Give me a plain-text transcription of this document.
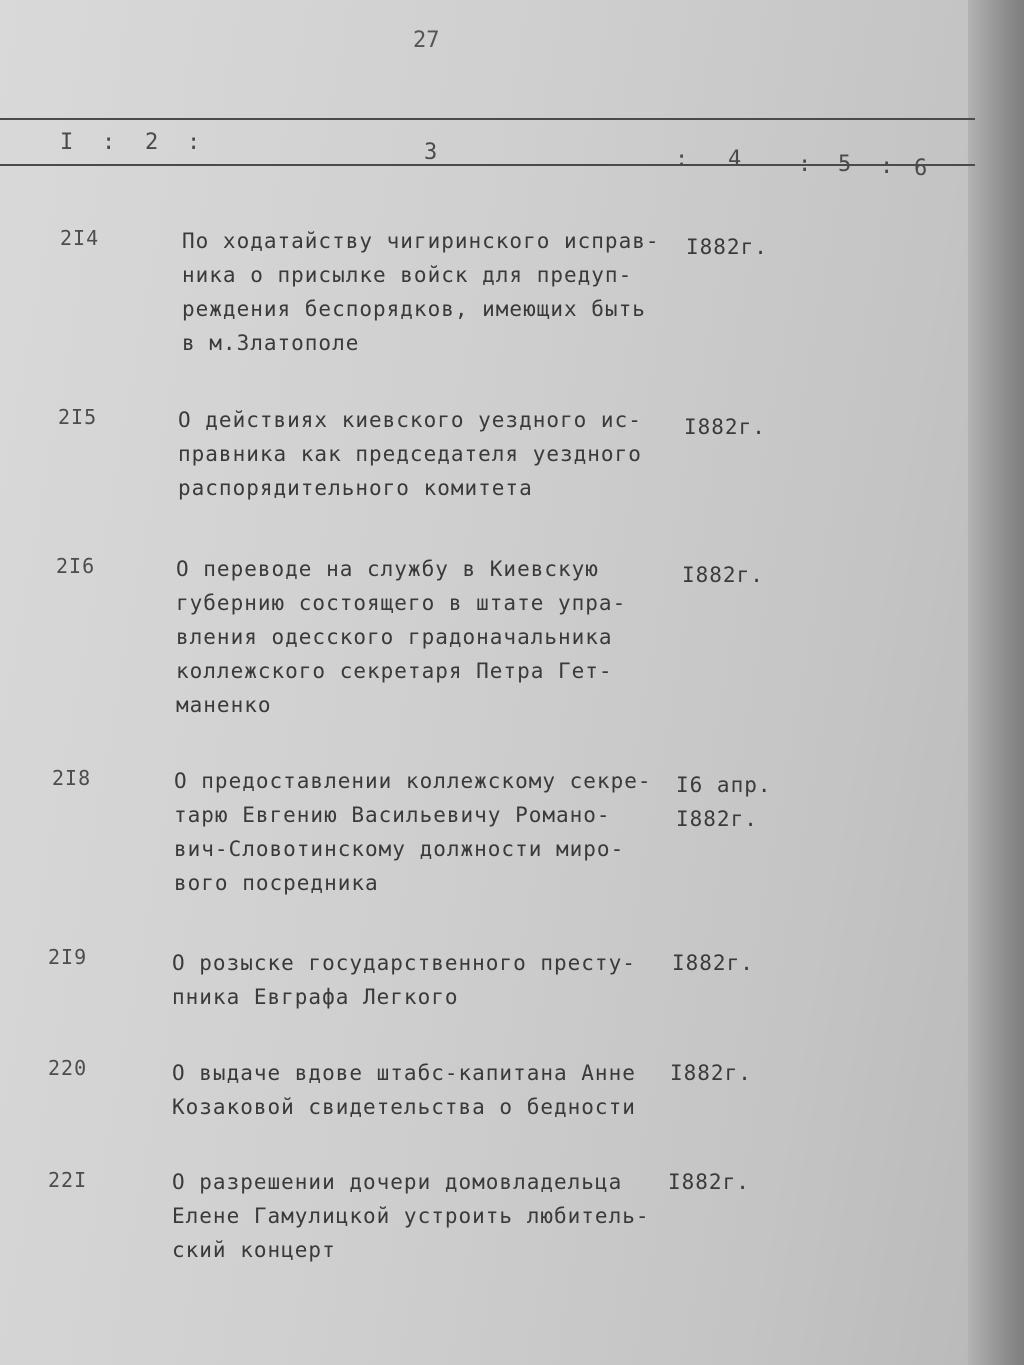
27
I : 2 :	3	: 4	: 5 : 6
2I4	По ходатайству чигиринского исправ-
ника о присылке войск для предуп-
реждения беспорядков, имеющих быть
в м.Златополе
I882г.
2I5	О действиях киевского уездного ис-
правника как председателя уездного
распорядительного комитета
I882г.
2I6	О переводе на службу в Киевскую
губернию состоящего в штате упра-
вления одесского градоначальника
коллежского секретаря Петра Гет-
маненко
I882г.
2I8	О предоставлении коллежскому секре-
тарю Евгению Васильевичу Романо-
вич-Словотинскому должности миро-
вого посредника
I6 апр.
I882г.
2I9	О розыске государственного престу-
пника Евграфа Легкого
I882г.
220	О выдаче вдове штабс-капитана Анне
Козаковой свидетельства о бедности
I882г.
22I	О разрешении дочери домовладельца
Елене Гамулицкой устроить любитель-
ский концерт
I882г.
